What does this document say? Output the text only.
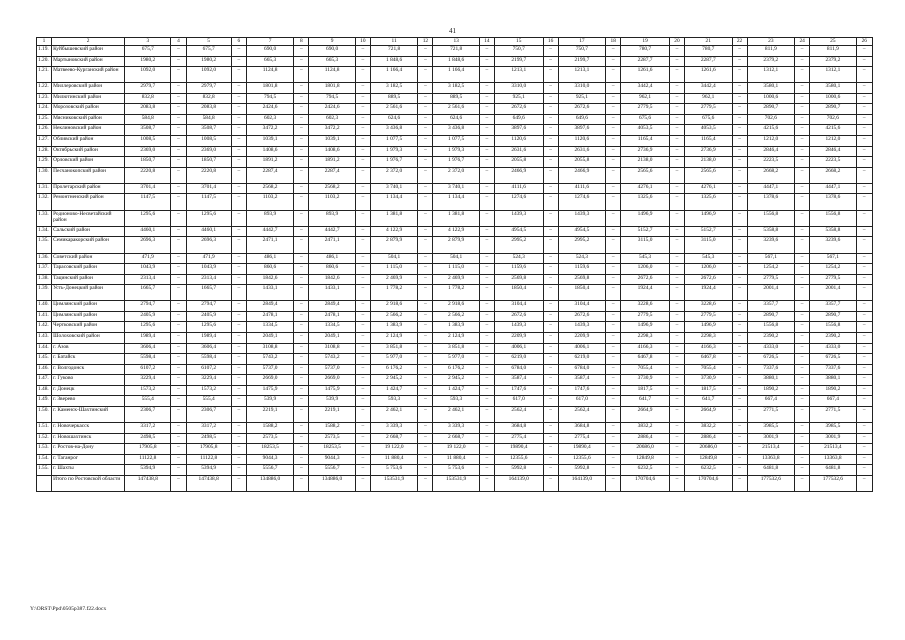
41
1	2	3	4	5	6	7	8	9	10	11	12	13	14	15	16	17	18	19	20	21	22	23	24	25	26
1.19.	Куйбышевский район	675,7	–	675,7	–	690,0	–	690,0	–	721,8	–	721,8	–	750,7	–	750,7	–	780,7	–	780,7	–	811,9	–	811,9	–
1.20.	Мартыновский район	1980,2	–	1980,2	–	665,3	–	665,3	–	1 848,6	–	1 848,6	–	2199,7	–	2199,7	–	2287,7	–	2287,7	–	2379,2	–	2379,2	–
1.21.	Матвеево-Курганский район	1092,0	–	1092,0	–	1124,8	–	1124,8	–	1 166,4	–	1 166,4	–	1213,1	–	1213,1	–	1261,6	–	1261,6	–	1312,1	–	1312,1	–
1.22.	Миллеровский район	2979,7	–	2979,7	–	1801,8	–	1801,8	–	3 182,5	–	3 182,5	–	3310,0	–	3310,0	–	3442,4	–	3442,4	–	3580,1	–	3580,1	–
1.23.	Милютинский район	832,8	–	832,8	–	794,5	–	794,5	–	889,5	–	889,5	–	925,1	–	925,1	–	962,1	–	962,1	–	1000,6	–	1000,6	–
1.24.	Морозовский район	2083,8	–	2083,8	–	2424,6	–	2424,6	–	2 561,6	–	2 561,6	–	2672,6	–	2672,6	–	2779,5	–	2779,5	–	2890,7	–	2890,7	–
1.25.	Мясниковский район	584,8	–	584,8	–	602,3	–	602,3	–	624,6	–	624,6	–	649,6	–	649,6	–	675,6	–	675,6	–	702,6	–	702,6	–
1.26.	Неклиновский район	3508,7	–	3508,7	–	3472,2	–	3472,2	–	3 436,8	–	3 436,8	–	3897,6	–	3897,6	–	4053,5	–	4053,5	–	4215,6	–	4215,6	–
1.27.	Обливский район	1008,5	–	1008,5	–	1039,1	–	1039,1	–	1 077,5	–	1 077,5	–	1120,6	–	1120,6	–	1165,4	–	1165,4	–	1212,0	–	1212,0	–
1.28.	Октябрьский район	2369,0	–	2369,0	–	1408,6	–	1408,6	–	1 979,3	–	1 979,3	–	2631,6	–	2631,6	–	2736,9	–	2736,9	–	2846,4	–	2846,4	–
1.29.	Орловский район	1850,7	–	1850,7	–	1891,2	–	1891,2	–	1 976,7	–	1 976,7	–	2055,8	–	2055,8	–	2138,0	–	2138,0	–	2223,5	–	2223,5	–
1.30.	Песчанокопский район	2220,8	–	2220,8	–	2287,4	–	2287,4	–	2 372,0	–	2 372,0	–	2466,9	–	2466,9	–	2565,6	–	2565,6	–	2668,2	–	2668,2	–
1.31.	Пролетарский район	3701,4	–	3701,4	–	2568,2	–	2568,2	–	3 740,1	–	3 740,1	–	4111,6	–	4111,6	–	4276,1	–	4276,1	–	4447,1	–	4447,1	–
1.32.	Ремонтненский район	1147,5	–	1147,5	–	1103,2	–	1103,2	–	1 134,4	–	1 134,4	–	1274,6	–	1274,6	–	1325,6	–	1325,6	–	1378,6	–	1378,6	–
1.33.	Родионово-Несветайский район	1295,6	–	1295,6	–	893,9	–	893,9	–	1 381,8	–	1 381,8	–	1439,3	–	1439,3	–	1496,9	–	1496,9	–	1556,8	–	1556,8	–
1.34.	Сальский район	4460,1	–	4460,1	–	4442,7	–	4442,7	–	4 122,9	–	4 122,9	–	4954,5	–	4954,5	–	5152,7	–	5152,7	–	5358,8	–	5358,8	–
1.35.	Семикаракорский район	2696,3	–	2696,3	–	2471,1	–	2471,1	–	2 879,9	–	2 879,9	–	2995,2	–	2995,2	–	3115,0	–	3115,0	–	3239,6	–	3239,6	–
1.36.	Советский район	471,9	–	471,9	–	486,1	–	486,1	–	504,1	–	504,1	–	524,3	–	524,3	–	545,3	–	545,3	–	567,1	–	567,1	–
1.37.	Тарасовский район	1043,9	–	1043,9	–	860,6	–	860,6	–	1 115,0	–	1 115,0	–	1159,6	–	1159,6	–	1206,0	–	1206,0	–	1254,2	–	1254,2	–
1.38.	Тацинский район	2313,4	–	2313,4	–	1842,6	–	1842,6	–	2 469,9	–	2 469,9	–	2569,8	–	2569,8	–	2672,6	–	2672,6	–	2779,5	–	2779,5	–
1.39.	Усть-Донецкий район	1665,7	–	1665,7	–	1433,1	–	1433,1	–	1 778,2	–	1 778,2	–	1850,4	–	1850,4	–	1924,4	–	1924,4	–	2001,4	–	2001,4	–
1.40.	Цимлянский район	2794,7	–	2794,7	–	2849,4	–	2849,4	–	2 918,6	–	2 918,6	–	3104,4	–	3104,4	–	3228,6	–	3228,6	–	3357,7	–	3357,7	–
1.41.	Цимлянский район	2405,9	–	2405,9	–	2478,1	–	2478,1	–	2 566,2	–	2 566,2	–	2672,6	–	2672,6	–	2779,5	–	2779,5	–	2890,7	–	2890,7	–
1.42.	Чертковский район	1295,6	–	1295,6	–	1334,5	–	1334,5	–	1 383,9	–	1 383,9	–	1439,3	–	1439,3	–	1496,9	–	1496,9	–	1556,8	–	1556,8	–
1.43.	Шолоховский район	1989,4	–	1989,4	–	2049,1	–	2049,1	–	2 124,9	–	2 124,9	–	2209,9	–	2209,9	–	2298,3	–	2298,3	–	2390,2	–	2390,2	–
1.44.	г. Азов	3606,4	–	3606,4	–	3108,8	–	3108,8	–	3 851,8	–	3 851,8	–	4006,1	–	4006,1	–	4166,3	–	4166,3	–	4333,0	–	4333,0	–
1.45.	г. Батайск	5598,4	–	5598,4	–	5743,2	–	5743,2	–	5 977,0	–	5 977,0	–	6219,0	–	6219,0	–	6467,8	–	6467,8	–	6726,5	–	6726,5	–
1.46.	г. Волгодонск	6107,2	–	6107,2	–	5737,0	–	5737,0	–	6 176,2	–	6 176,2	–	6784,0	–	6784,0	–	7055,4	–	7055,4	–	7337,6	–	7337,6	–
1.47.	г. Гуково	3229,4	–	3229,4	–	2669,0	–	2669,0	–	2 945,2	–	2 945,2	–	3587,4	–	3587,4	–	3730,9	–	3730,9	–	3880,1	–	3880,1	–
1.48.	г. Донецк	1573,2	–	1573,2	–	1475,9	–	1475,9	–	1 424,7	–	1 424,7	–	1747,6	–	1747,6	–	1817,5	–	1817,5	–	1890,2	–	1890,2	–
1.49.	г. Зверево	555,4	–	555,4	–	539,9	–	539,9	–	593,3	–	593,3	–	617,0	–	617,0	–	641,7	–	641,7	–	667,4	–	667,4	–
1.50.	г. Каменск-Шахтинский	2306,7	–	2306,7	–	2219,1	–	2219,1	–	2 462,1	–	2 462,1	–	2562,4	–	2562,4	–	2664,9	–	2664,9	–	2771,5	–	2771,5	–
1.51.	г. Новочеркасск	3317,2	–	3317,2	–	1588,2	–	1588,2	–	3 339,3	–	3 339,3	–	3684,8	–	3684,8	–	3832,2	–	3832,2	–	3985,5	–	3985,5	–
1.52.	г. Новошахтинск	2498,5	–	2498,5	–	2573,5	–	2573,5	–	2 668,7	–	2 668,7	–	2775,4	–	2775,4	–	2886,4	–	2886,4	–	3001,9	–	3001,9	–
1.53.	г. Ростов-на-Дону	17905,8	–	17905,8	–	18253,5	–	18253,5	–	19 122,0	–	19 122,0	–	19890,4	–	19890,4	–	20686,0	–	20686,0	–	21513,4	–	21513,4	–
1.54.	г. Таганрог	11122,8	–	11122,8	–	9044,3	–	9044,3	–	11 880,4	–	11 880,4	–	12355,6	–	12355,6	–	12849,8	–	12849,8	–	13363,8	–	13363,8	–
1.55.	г. Шахты	5394,9	–	5394,9	–	5556,7	–	5556,7	–	5 753,6	–	5 753,6	–	5992,8	–	5992,8	–	6232,5	–	6232,5	–	6481,8	–	6481,8	–
	Итого по Ростовской области	147438,8	–	147438,8	–	134886,0	–	134886,0	–	153531,9	–	153531,9	–	164139,0	–	164139,0	–	170704,6	–	170704,6	–	177532,6	–	177532,6	–
Y:\ORST\Ppd\0505p387.f22.docx
